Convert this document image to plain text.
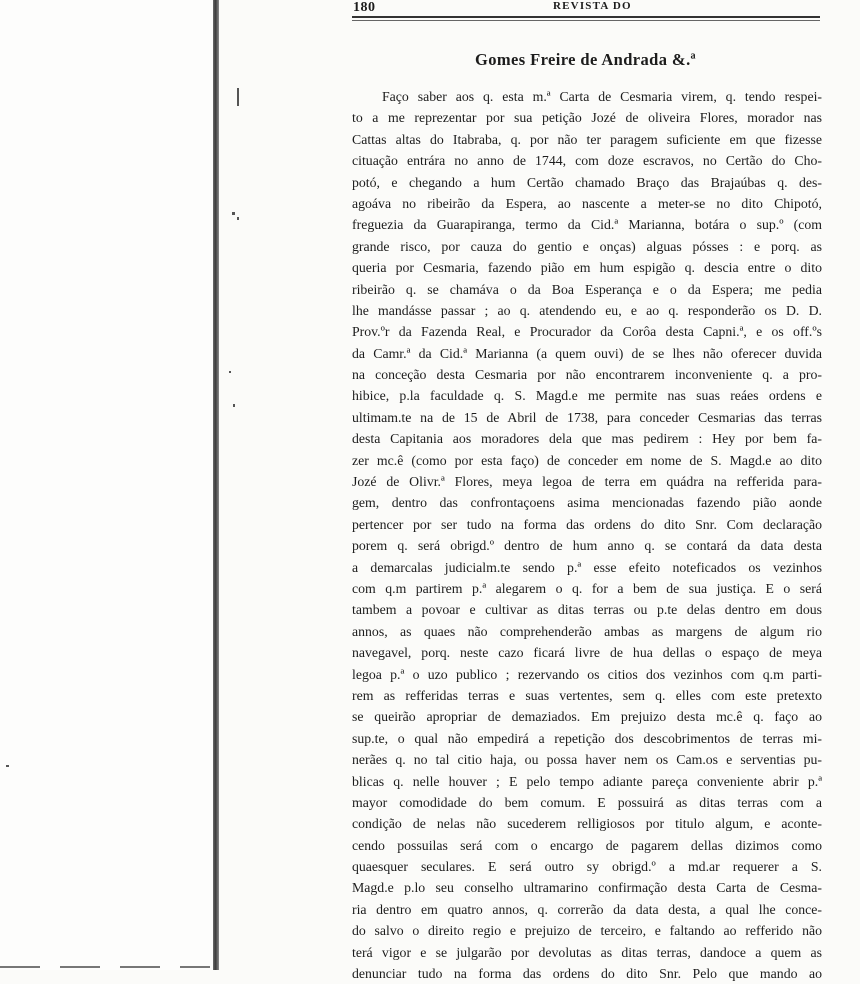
180	REVISTA DO
Gomes Freire de Andrada &.ª
Faço saber aos q. esta m.ª Carta de Cesmaria virem, q. tendo respei-
to a me reprezentar por sua petição Jozé de oliveira Flores, morador nas
Cattas altas do Itabraba, q. por não ter paragem suficiente em que fizesse
cituação entrára no anno de 1744, com doze escravos, no Certão do Cho-
potó, e chegando a hum Certão chamado Braço das Brajaúbas q. des-
agoáva no ribeirão da Espera, ao nascente a meter-se no dito Chipotó,
freguezia da Guarapiranga, termo da Cid.ª Marianna, botára o sup.º (com
grande risco, por cauza do gentio e onças) alguas pósses : e porq. as
queria por Cesmaria, fazendo pião em hum espigão q. descia entre o dito
ribeirão q. se chamáva o da Boa Esperança e o da Espera; me pedia
lhe mandásse passar ; ao q. atendendo eu, e ao q. responderão os D. D.
Prov.ºr da Fazenda Real, e Procurador da Corôa desta Capni.ª, e os off.ºs
da Camr.ª da Cid.ª Marianna (a quem ouvi) de se lhes não oferecer duvida
na conceção desta Cesmaria por não encontrarem inconveniente q. a pro-
hibice, p.la faculdade q. S. Magd.e me permite nas suas reáes ordens e
ultimam.te na de 15 de Abril de 1738, para conceder Cesmarias das terras
desta Capitania aos moradores dela que mas pedirem : Hey por bem fa-
zer mc.ê (como por esta faço) de conceder em nome de S. Magd.e ao dito
Jozé de Olivr.ª Flores, meya legoa de terra em quádra na refferida para-
gem, dentro das confrontaçoens asima mencionadas fazendo pião aonde
pertencer por ser tudo na forma das ordens do dito Snr. Com declaração
porem q. será obrigd.º dentro de hum anno q. se contará da data desta
a demarcalas judicialm.te sendo p.ª esse efeito noteficados os vezinhos
com q.m partirem p.ª alegarem o q. for a bem de sua justiça. E o será
tambem a povoar e cultivar as ditas terras ou p.te delas dentro em dous
annos, as quaes não comprehenderão ambas as margens de algum rio
navegavel, porq. neste cazo ficará livre de hua dellas o espaço de meya
legoa p.ª o uzo publico ; rezervando os citios dos vezinhos com q.m parti-
rem as refferidas terras e suas vertentes, sem q. elles com este pretexto
se queirão apropriar de demaziados. Em prejuizo desta mc.ê q. faço ao
sup.te, o qual não empedirá a repetição dos descobrimentos de terras mi-
nerães q. no tal citio haja, ou possa haver nem os Cam.os e serventias pu-
blicas q. nelle houver ; E pelo tempo adiante pareça conveniente abrir p.ª
mayor comodidade do bem comum. E possuirá as ditas terras com a
condição de nelas não sucederem relligiosos por titulo algum, e aconte-
cendo possuilas será com o encargo de pagarem dellas dizimos como
quaesquer seculares. E será outro sy obrigd.º a md.ar requerer a S.
Magd.e p.lo seu conselho ultramarino confirmação desta Carta de Cesma-
ria dentro em quatro annos, q. correrão da data desta, a qual lhe conce-
do salvo o direito regio e prejuizo de terceiro, e faltando ao refferido não
terá vigor e se julgarão por devolutas as ditas terras, dandoce a quem as
denunciar tudo na forma das ordens do dito Snr. Pelo que mando ao
